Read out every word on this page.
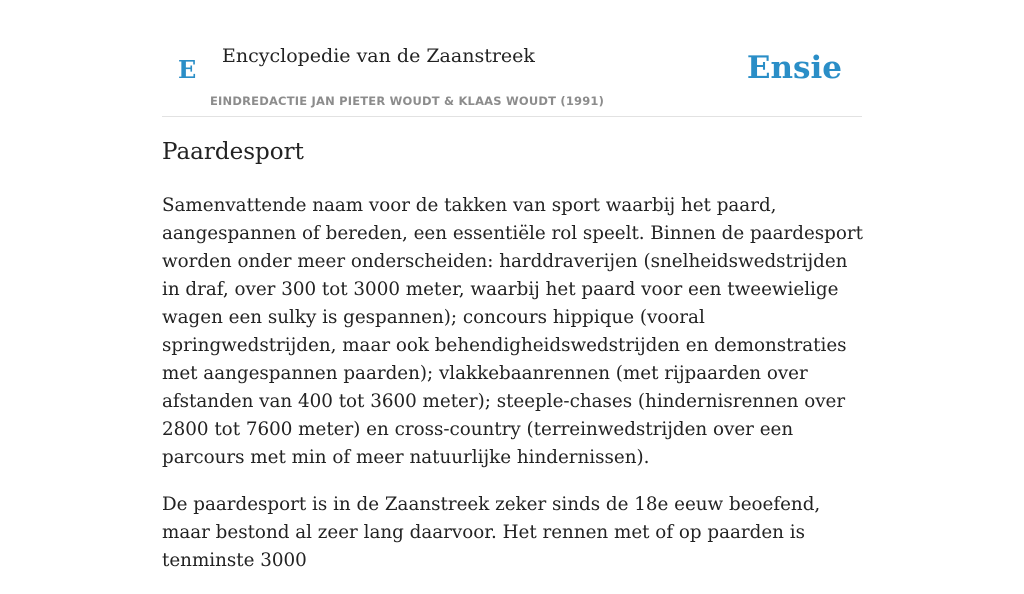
E Encyclopedie van de Zaanstreek
EINDREDACTIE JAN PIETER WOUDT & KLAAS WOUDT (1991)
Ensie
Paardesport

Samenvattende naam voor de takken van sport waarbij het paard, aangespannen of bereden, een essentiële rol speelt. Binnen de paardesport worden onder meer onderscheiden: harddraverijen (snelheidswedstrijden in draf, over 300 tot 3000 meter, waarbij het paard voor een tweewielige wagen een sulky is gespannen); concours hippique (vooral springwedstrijden, maar ook behendigheidswedstrijden en demonstraties met aangespannen paarden); vlakkebaanrennen (met rijpaarden over afstanden van 400 tot 3600 meter); steeple-chases (hindernisrennen over 2800 tot 7600 meter) en cross-country (terreinwedstrijden over een parcours met min of meer natuurlijke hindernissen).

De paardesport is in de Zaanstreek zeker sinds de 18e eeuw beoefend, maar bestond al zeer lang daarvoor. Het rennen met of op paarden is tenminste 3000
